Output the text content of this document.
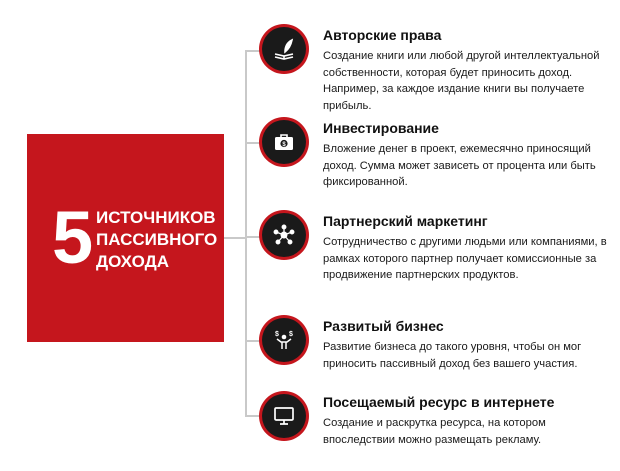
5 ИСТОЧНИКОВ
ПАССИВНОГО
ДОХОДА
Авторские права
Создание книги или любой другой интеллектуальной собственности, которая будет приносить доход. Например, за каждое издание книги вы получаете прибыль.
$
Инвестирование
Вложение денег в проект, ежемесячно приносящий доход. Сумма может зависеть от процента или быть фиксированной.
Партнерский маркетинг
Сотрудничество с другими людьми или компаниями, в рамках которого партнер получает комиссионные за продвижение партнерских продуктов.
$ $
Развитый бизнес
Развитие бизнеса до такого уровня, чтобы он мог приносить пассивный доход без вашего участия.
Посещаемый ресурс в интернете
Создание и раскрутка ресурса, на котором впоследствии можно размещать рекламу.
